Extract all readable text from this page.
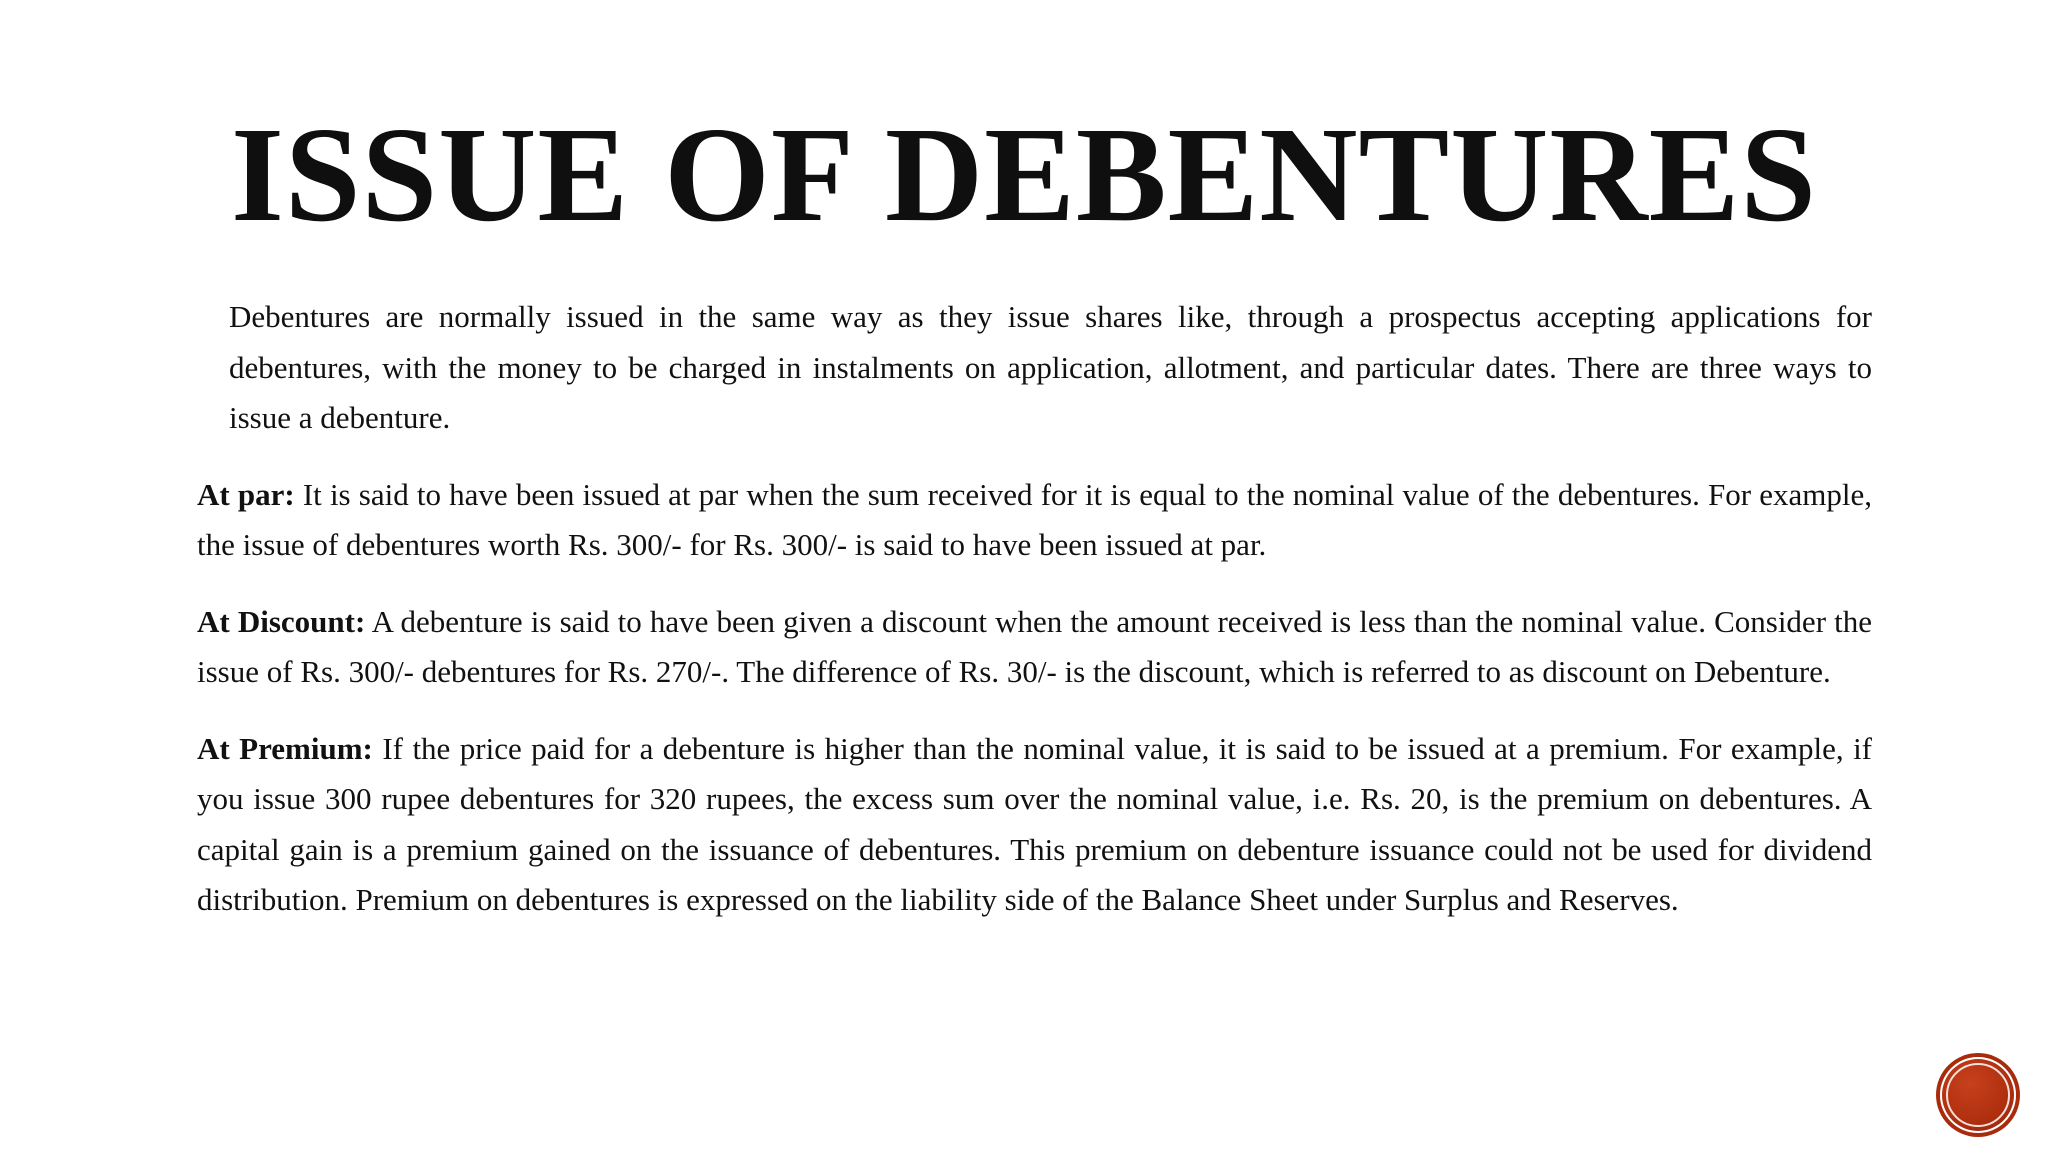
ISSUE OF DEBENTURES

Debentures are normally issued in the same way as they issue shares like, through a prospectus accepting applications for debentures, with the money to be charged in instalments on application, allotment, and particular dates. There are three ways to issue a debenture.

At par: It is said to have been issued at par when the sum received for it is equal to the nominal value of the debentures. For example, the issue of debentures worth Rs. 300/- for Rs. 300/- is said to have been issued at par.

At Discount: A debenture is said to have been given a discount when the amount received is less than the nominal value. Consider the issue of Rs. 300/- debentures for Rs. 270/-. The difference of Rs. 30/- is the discount, which is referred to as discount on Debenture.

At Premium: If the price paid for a debenture is higher than the nominal value, it is said to be issued at a premium. For example, if you issue 300 rupee debentures for 320 rupees, the excess sum over the nominal value, i.e. Rs. 20, is the premium on debentures. A capital gain is a premium gained on the issuance of debentures. This premium on debenture issuance could not be used for dividend distribution. Premium on debentures is expressed on the liability side of the Balance Sheet under Surplus and Reserves.
